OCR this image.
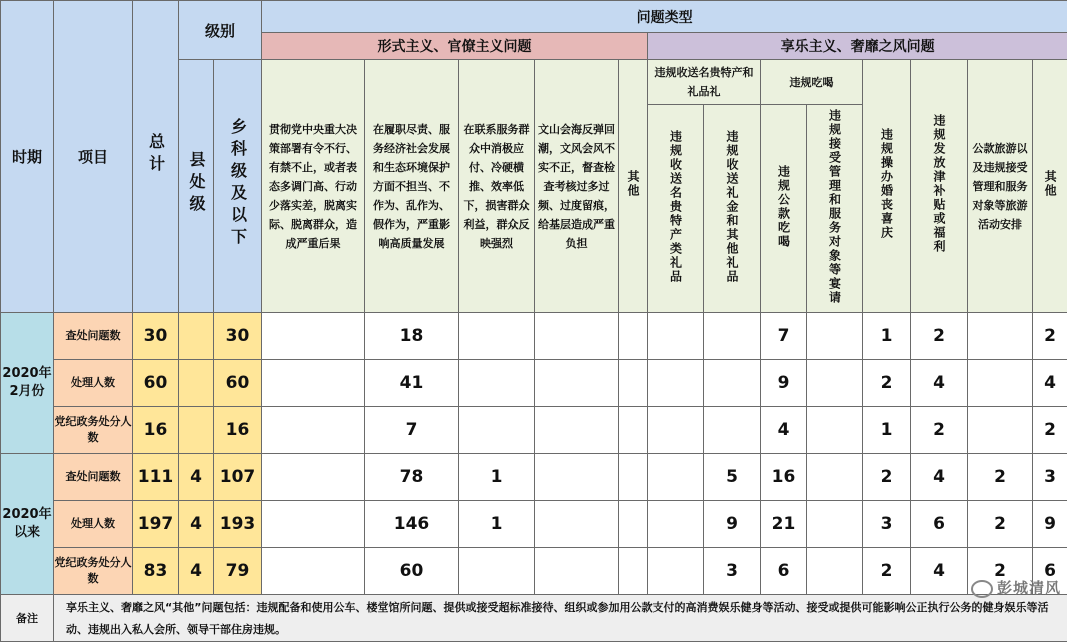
时期	项目	总计	级别		问题类型												
					形式主义、官僚主义问题					享乐主义、奢靡之风问题							
			县处级	乡科级及以下	贯彻党中央重大决策部署有令不行、有禁不止，或者表态多调门高、行动少落实差，脱离实际、脱离群众，造成严重后果	在履职尽责、服务经济社会发展和生态环境保护方面不担当、不作为、乱作为、假作为，严重影响高质量发展	在联系服务群众中消极应付、冷硬横推、效率低下，损害群众利益，群众反映强烈	文山会海反弹回潮，文风会风不实不正，督查检查考核过多过频、过度留痕，给基层造成严重负担	其他	违规收送名贵特产和礼品礼		违规吃喝		违规操办婚丧喜庆	违规发放津补贴或福利	公款旅游以及违规接受管理和服务对象等旅游活动安排	其他
										违规收送名贵特产类礼品	违规收送礼金和其他礼品	违规公款吃喝	违规接受管理和服务对象等宴请				
2020年2月份	查处问题数	30		30		18						7		1	2		2
	处理人数	60		60		41						9		2	4		4
	党纪政务处分人数	16		16		7						4		1	2		2
2020年以来	查处问题数	111	4	107		78	1				5	16		2	4	2	3
	处理人数	197	4	193		146	1				9	21		3	6	2	9
	党纪政务处分人数	83	4	79		60					3	6		2	4	2	6
备注	享乐主义、奢靡之风“其他”问题包括：违规配备和使用公车、楼堂馆所问题、提供或接受超标准接待、组织或参加用公款支付的高消费娱乐健身等活动、接受或提供可能影响公正执行公务的健身娱乐等活动、违规出入私人会所、领导干部住房违规。																
彭城清风
